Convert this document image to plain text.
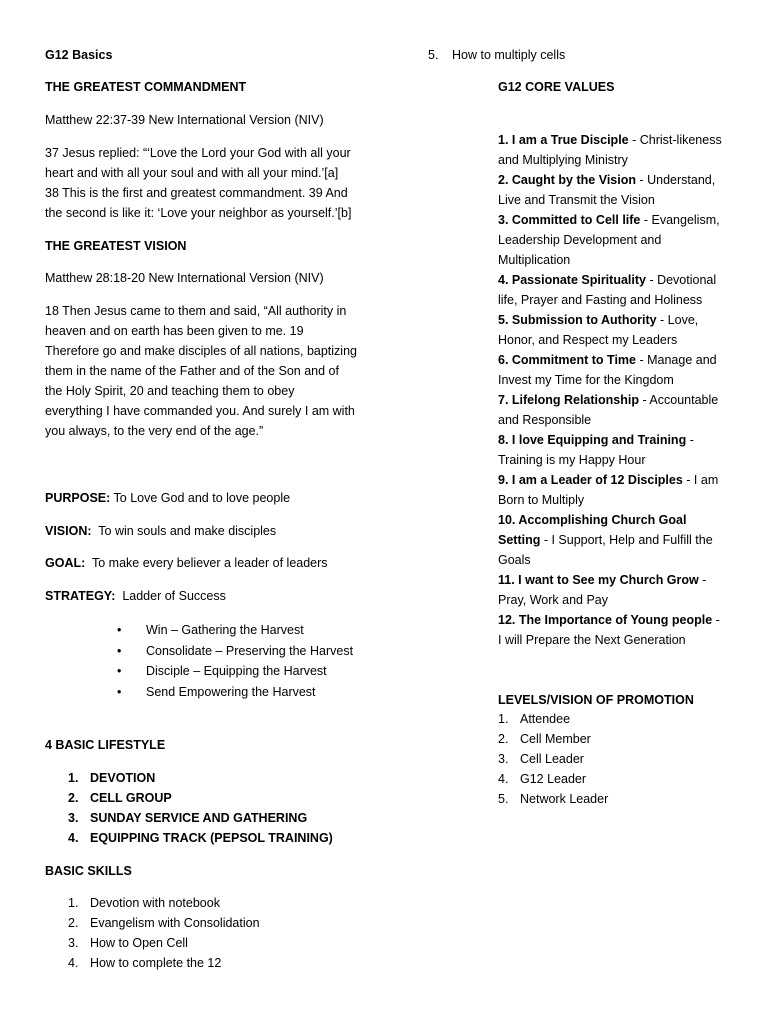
G12 Basics

THE GREATEST COMMANDMENT

Matthew 22:37-39 New International Version (NIV)

37 Jesus replied: “‘Love the Lord your God with all your
heart and with all your soul and with all your mind.’[a]
38 This is the first and greatest commandment. 39 And
the second is like it: ‘Love your neighbor as yourself.’[b]

THE GREATEST VISION

Matthew 28:18-20 New International Version (NIV)

18 Then Jesus came to them and said, “All authority in
heaven and on earth has been given to me. 19
Therefore go and make disciples of all nations, baptizing
them in the name of the Father and of the Son and of
the Holy Spirit, 20 and teaching them to obey
everything I have commanded you. And surely I am with
you always, to the very end of the age.”

PURPOSE: To Love God and to love people

VISION:  To win souls and make disciples

GOAL:  To make every believer a leader of leaders

STRATEGY:  Ladder of Success

• Win – Gathering the Harvest
• Consolidate – Preserving the Harvest
• Disciple – Equipping the Harvest
• Send Empowering the Harvest

4 BASIC LIFESTYLE

1. DEVOTION
2. CELL GROUP
3. SUNDAY SERVICE AND GATHERING
4. EQUIPPING TRACK (PEPSOL TRAINING)

BASIC SKILLS

1. Devotion with notebook
2. Evangelism with Consolidation
3. How to Open Cell
4. How to complete the 12

5. How to multiply cells

G12 CORE VALUES

1. I am a True Disciple - Christ-likeness and Multiplying Ministry
2. Caught by the Vision - Understand, Live and Transmit the Vision
3. Committed to Cell life - Evangelism, Leadership Development and Multiplication
4. Passionate Spirituality - Devotional life, Prayer and Fasting and Holiness
5. Submission to Authority - Love, Honor, and Respect my Leaders
6. Commitment to Time - Manage and Invest my Time for the Kingdom
7. Lifelong Relationship - Accountable and Responsible
8. I love Equipping and Training - Training is my Happy Hour
9. I am a Leader of 12 Disciples - I am Born to Multiply
10. Accomplishing Church Goal Setting - I Support, Help and Fulfill the Goals
11. I want to See my Church Grow - Pray, Work and Pay
12. The Importance of Young people - I will Prepare the Next Generation

LEVELS/VISION OF PROMOTION

1. Attendee
2. Cell Member
3. Cell Leader
4. G12 Leader
5. Network Leader
